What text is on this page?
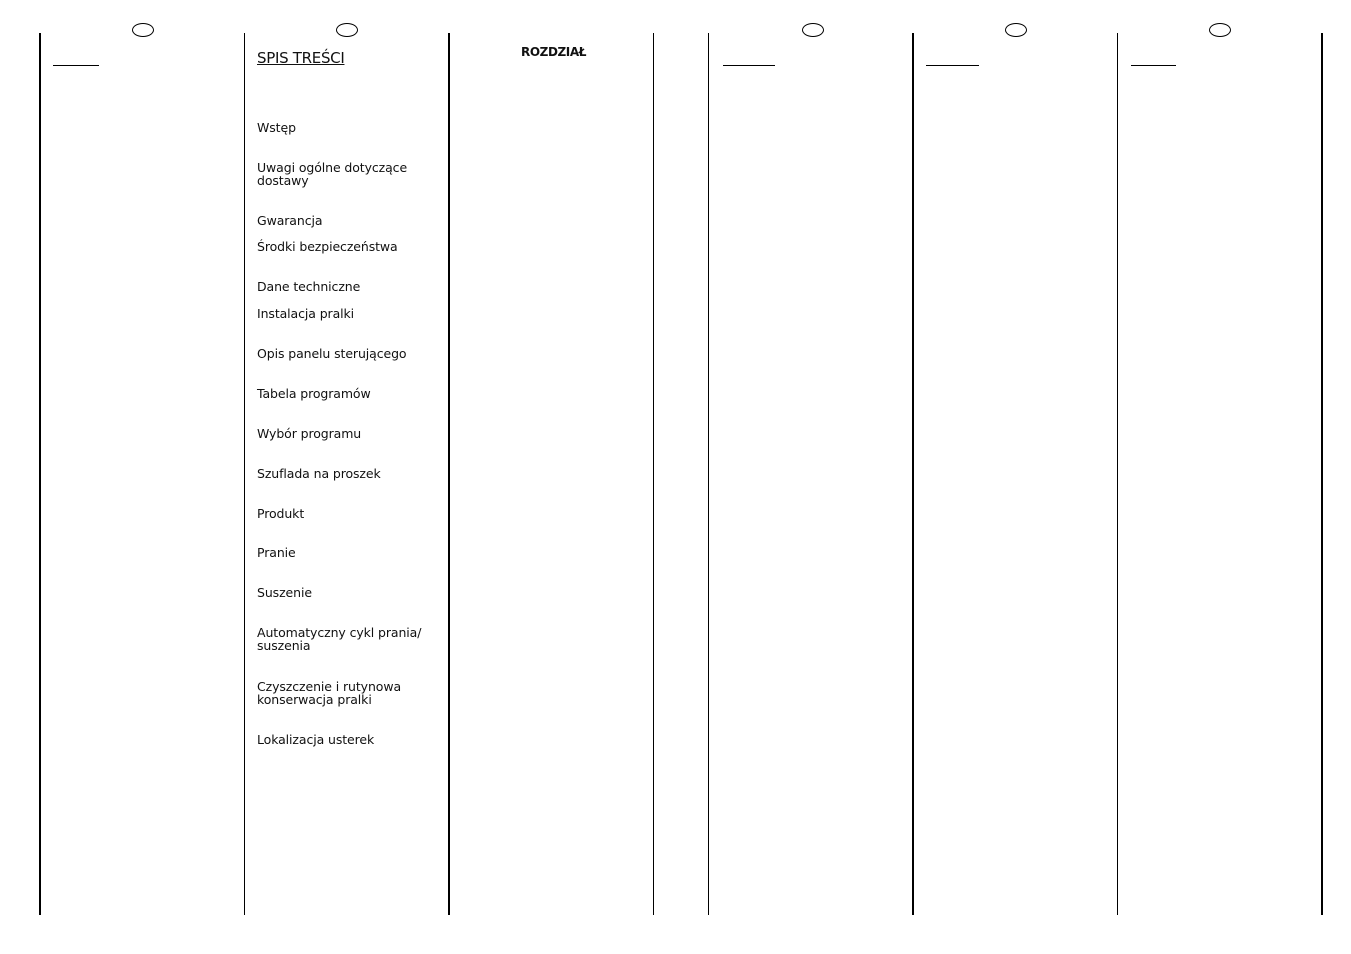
SPIS TREŚCI	ROZDZIAŁ
Wstęp
Uwagi ogólne dotyczące dostawy
Gwarancja
Środki bezpieczeństwa
Dane techniczne
Instalacja pralki
Opis panelu sterującego
Tabela programów
Wybór programu
Szuflada na proszek
Produkt
Pranie
Suszenie
Automatyczny cykl prania/ suszenia
Czyszczenie i rutynowa konserwacja pralki
Lokalizacja usterek
